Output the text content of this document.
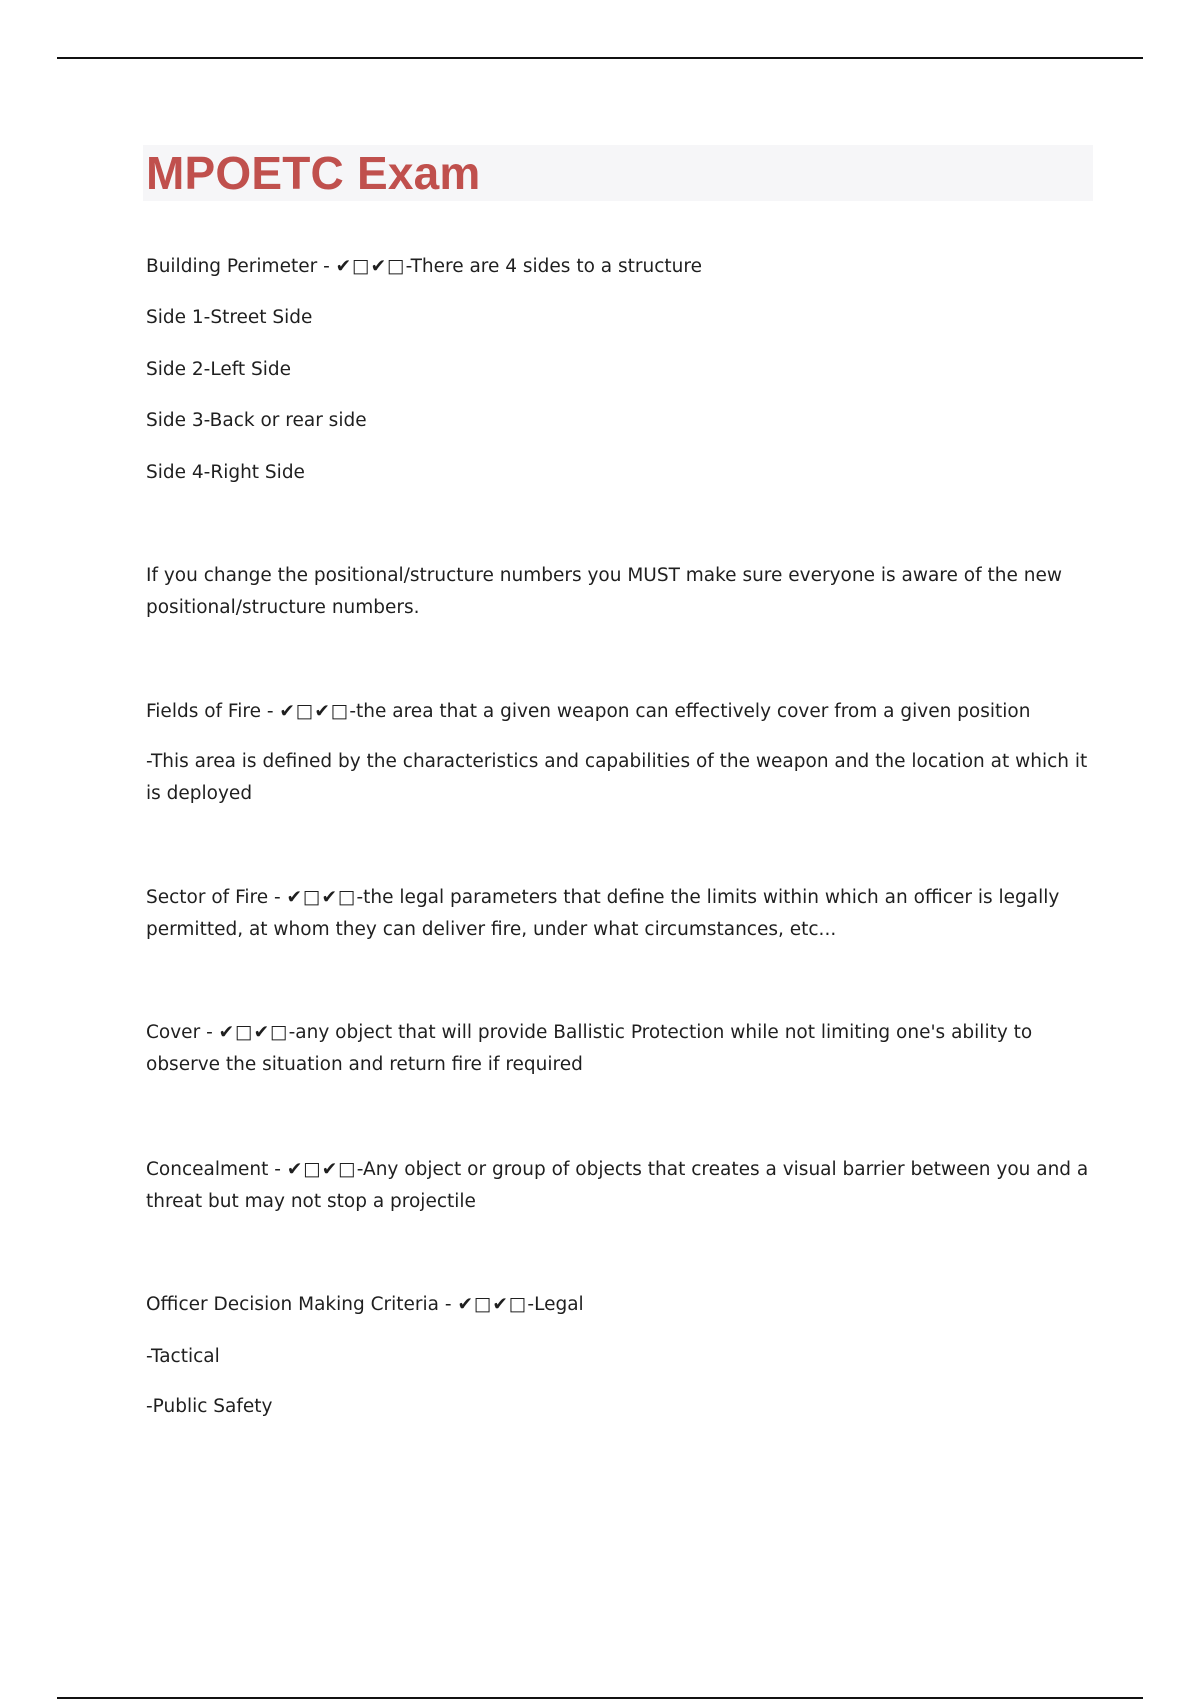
MPOETC Exam

Building Perimeter - ✔□✔□-There are 4 sides to a structure

Side 1-Street Side

Side 2-Left Side

Side 3-Back or rear side

Side 4-Right Side

If you change the positional/structure numbers you MUST make sure everyone is aware of the new positional/structure numbers.

Fields of Fire - ✔□✔□-the area that a given weapon can effectively cover from a given position

-This area is defined by the characteristics and capabilities of the weapon and the location at which it is deployed

Sector of Fire - ✔□✔□-the legal parameters that define the limits within which an officer is legally permitted, at whom they can deliver fire, under what circumstances, etc...

Cover - ✔□✔□-any object that will provide Ballistic Protection while not limiting one's ability to observe the situation and return fire if required

Concealment - ✔□✔□-Any object or group of objects that creates a visual barrier between you and a threat but may not stop a projectile

Officer Decision Making Criteria - ✔□✔□-Legal

-Tactical

-Public Safety
